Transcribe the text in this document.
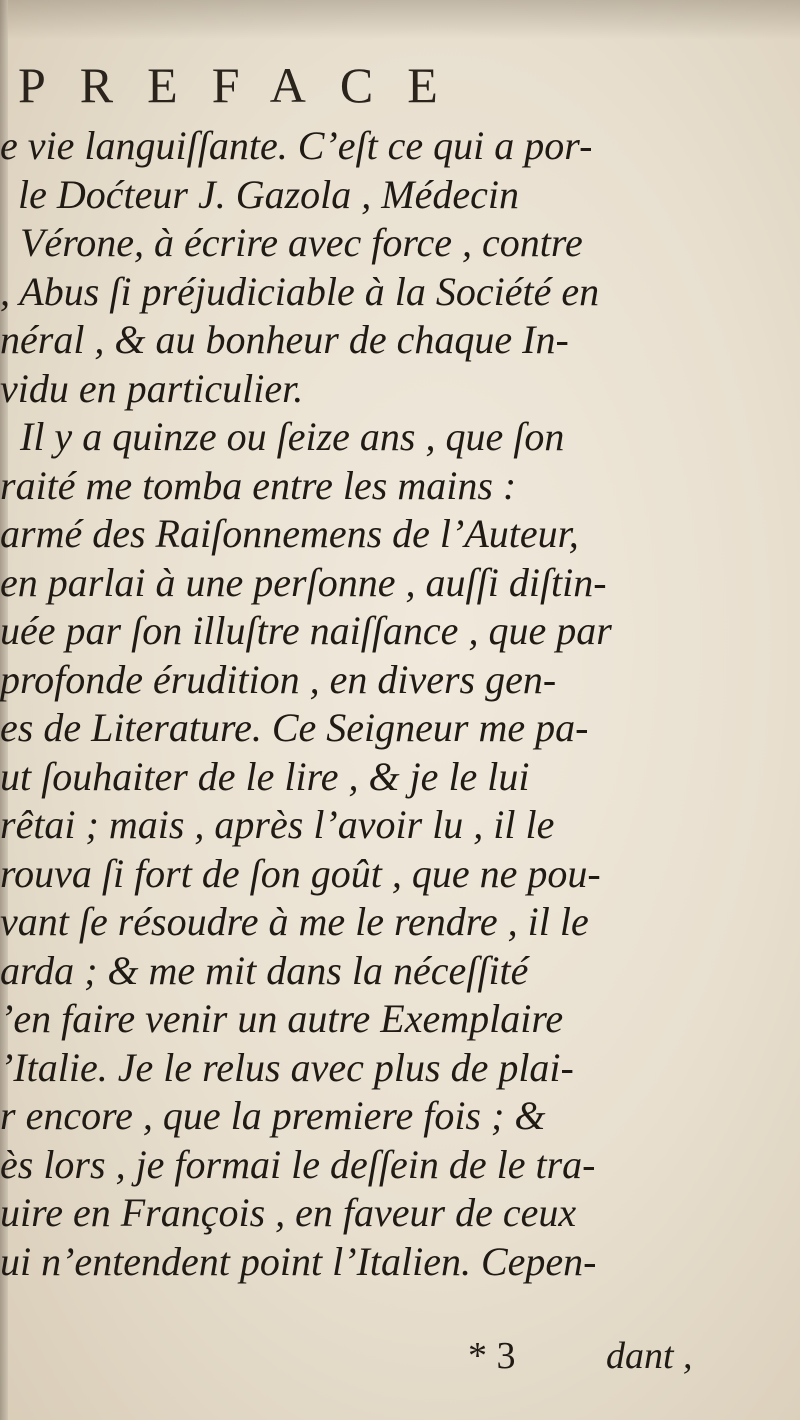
PREFACE
e vie languiſſante. C’eſt ce qui a por-
le Doćteur J. Gazola , Médecin
Vérone, à écrire avec force , contre
, Abus ſi préjudiciable à la Société en
néral , & au bonheur de chaque In-
vidu en particulier.
Il y a quinze ou ſeize ans , que ſon
raité me tomba entre les mains :
armé des Raiſonnemens de l’Auteur,
en parlai à une perſonne , auſſi diſtin-
uée par ſon illuſtre naiſſance , que par
profonde érudition , en divers gen-
es de Literature. Ce Seigneur me pa-
ut ſouhaiter de le lire , & je le lui
rêtai ; mais , après l’avoir lu , il le
rouva ſi fort de ſon goût , que ne pou-
vant ſe résoudre à me le rendre , il le
arda ; & me mit dans la néceſſité
’en faire venir un autre Exemplaire
’Italie. Je le relus avec plus de plai-
r encore , que la premiere fois ; &
ès lors , je formai le deſſein de le tra-
uire en François , en faveur de ceux
ui n’entendent point l’Italien. Cepen-
* 3 dant ,
